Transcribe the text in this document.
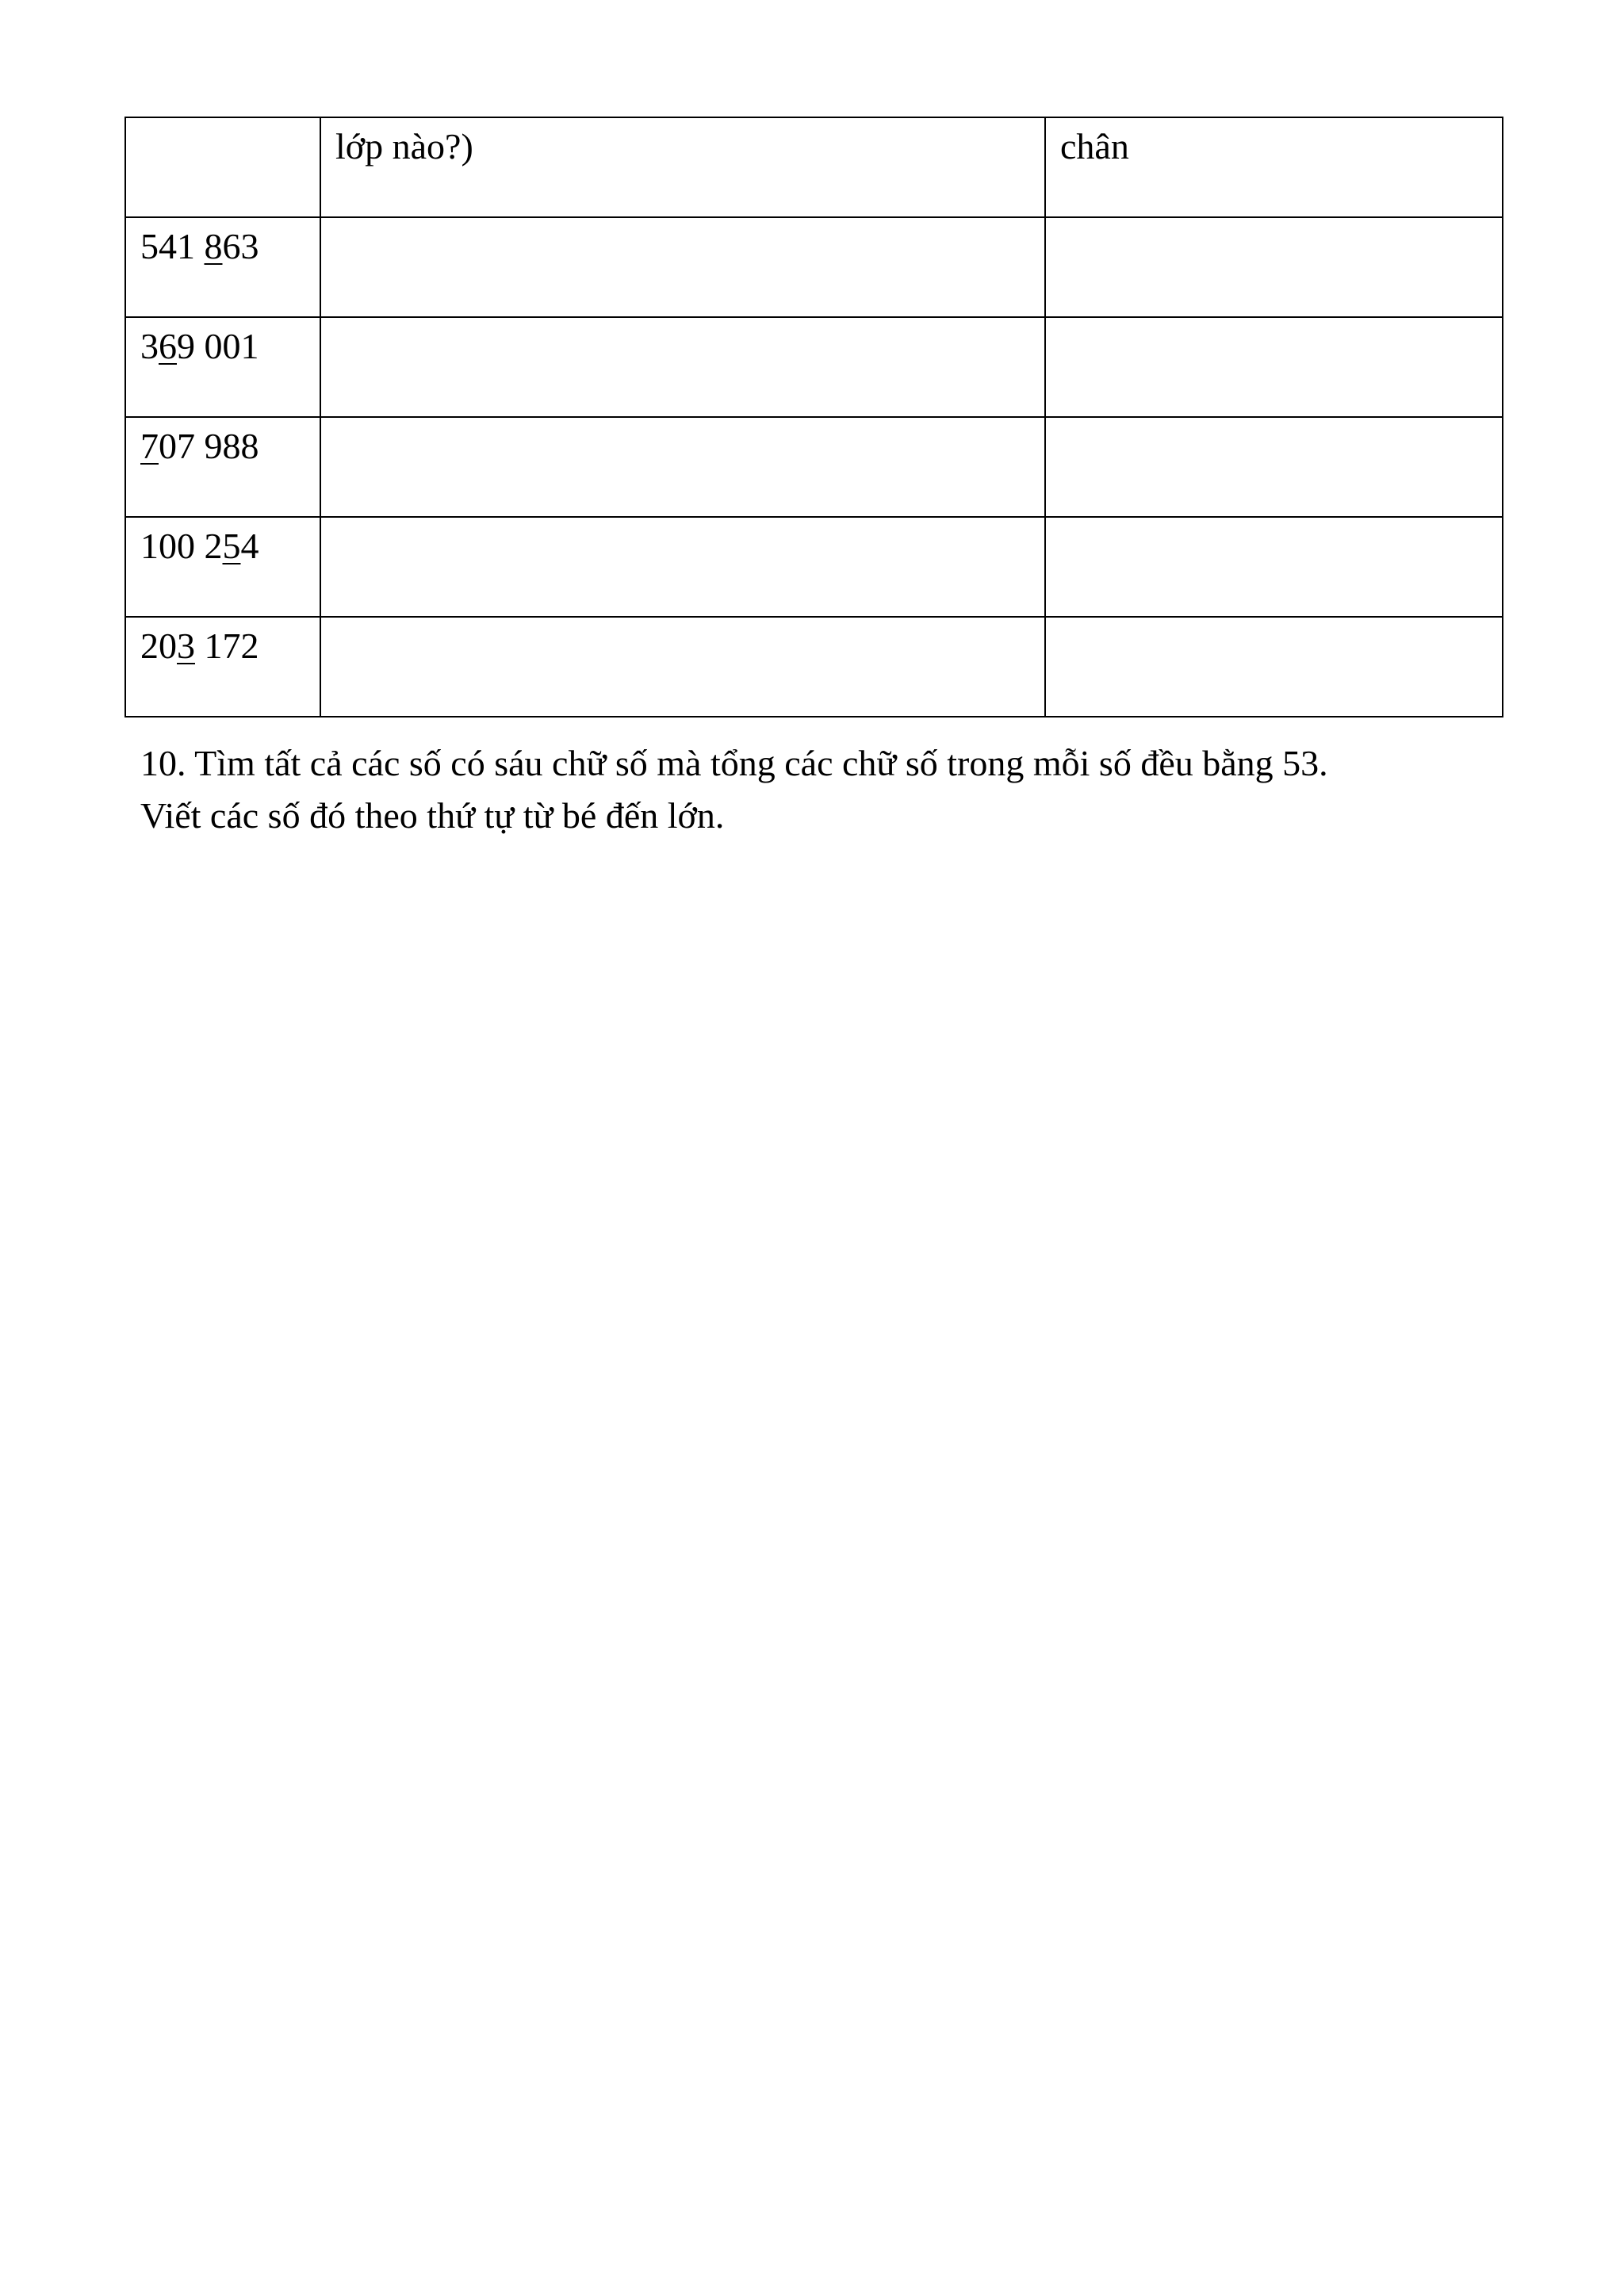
	lớp nào?)	chân
541 863		
369 001		
707 988		
100 254		
203 172		

10. Tìm tất cả các số có sáu chữ số mà tổng các chữ số trong mỗi số đều bằng 53.

Viết các số đó theo thứ tự từ bé đến lớn.
